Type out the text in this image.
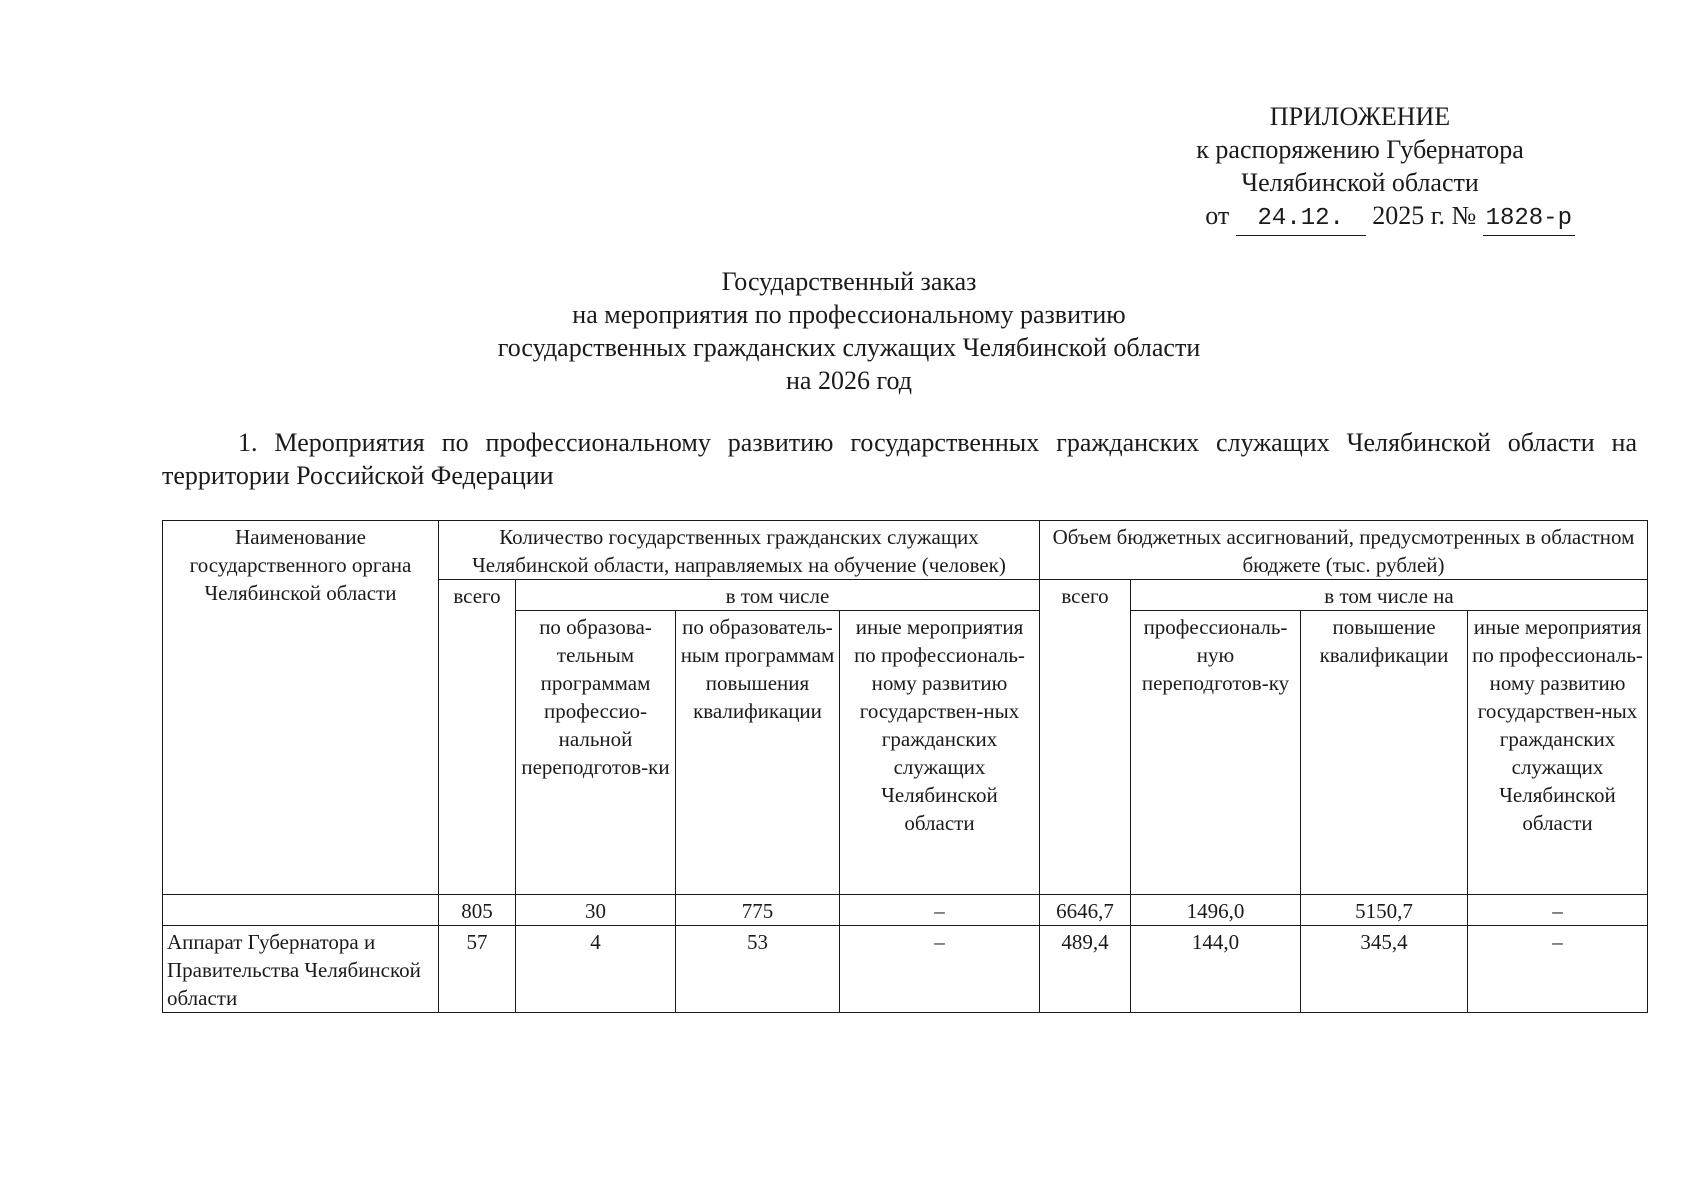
ПРИЛОЖЕНИЕ
к распоряжению Губернатора
Челябинской области
от 24.12. 2025 г. № 1828-р
Государственный заказ
на мероприятия по профессиональному развитию
государственных гражданских служащих Челябинской области
на 2026 год

1. Мероприятия по профессиональному развитию государственных гражданских служащих Челябинской области на территории Российской Федерации

Наименование государственного органа Челябинской области	Количество государственных гражданских служащих Челябинской области, направляемых на обучение (человек)				Объем бюджетных ассигнований, предусмотренных в областном бюджете (тыс. рублей)			
	всего	в том числе			всего	в том числе на		
		по образова-тельным программам профессио-нальной переподготов-ки	по образователь-ным программам повышения квалификации	иные мероприятия по профессиональ-ному развитию государствен-ных гражданских служащих Челябинской области		профессиональ-ную переподготов-ку	повышение квалификации	иные мероприятия по профессиональ-ному развитию государствен-ных гражданских служащих Челябинской области
	805	30	775	–	6646,7	1496,0	5150,7	–
Аппарат Губернатора и Правительства Челябинской области	57	4	53	–	489,4	144,0	345,4	–
